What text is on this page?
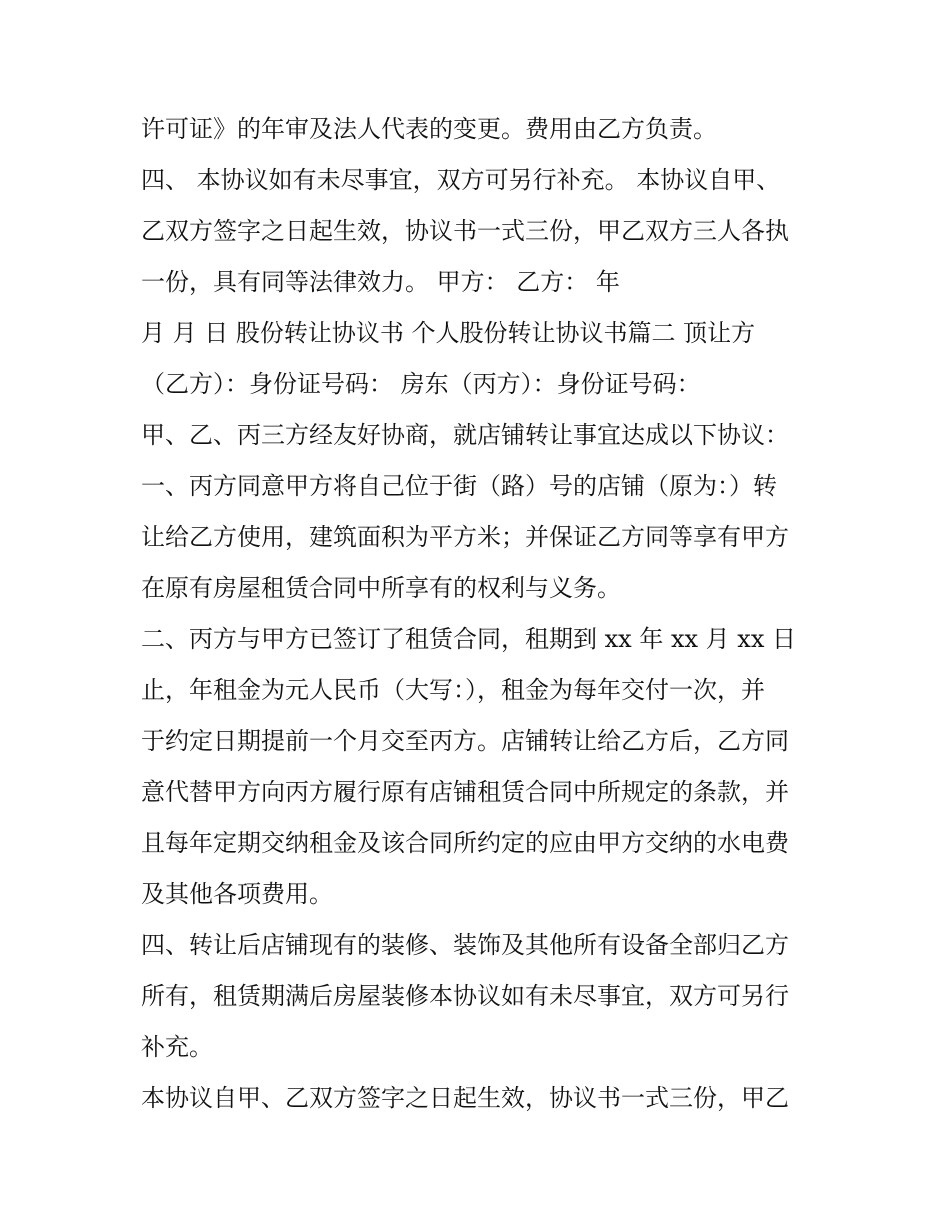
许可证》的年审及法人代表的变更。费用由乙方负责。
四、 本协议如有未尽事宜，双方可另行补充。 本协议自甲、
乙双方签字之日起生效，协议书一式三份，甲乙双方三人各执
一份，具有同等法律效力。 甲方： 乙方： 年
月 月 日 股份转让协议书 个人股份转让协议书篇二 顶让方
（乙方）：身份证号码： 房东（丙方）：身份证号码：
甲、乙、丙三方经友好协商，就店铺转让事宜达成以下协议：
一、丙方同意甲方将自己位于街（路）号的店铺（原为：）转
让给乙方使用，建筑面积为平方米；并保证乙方同等享有甲方
在原有房屋租赁合同中所享有的权利与义务。
二、丙方与甲方已签订了租赁合同，租期到 xx 年 xx 月 xx 日
止，年租金为元人民币（大写：），租金为每年交付一次，并
于约定日期提前一个月交至丙方。店铺转让给乙方后，乙方同
意代替甲方向丙方履行原有店铺租赁合同中所规定的条款，并
且每年定期交纳租金及该合同所约定的应由甲方交纳的水电费
及其他各项费用。
四、转让后店铺现有的装修、装饰及其他所有设备全部归乙方
所有，租赁期满后房屋装修本协议如有未尽事宜，双方可另行
补充。
本协议自甲、乙双方签字之日起生效，协议书一式三份，甲乙
